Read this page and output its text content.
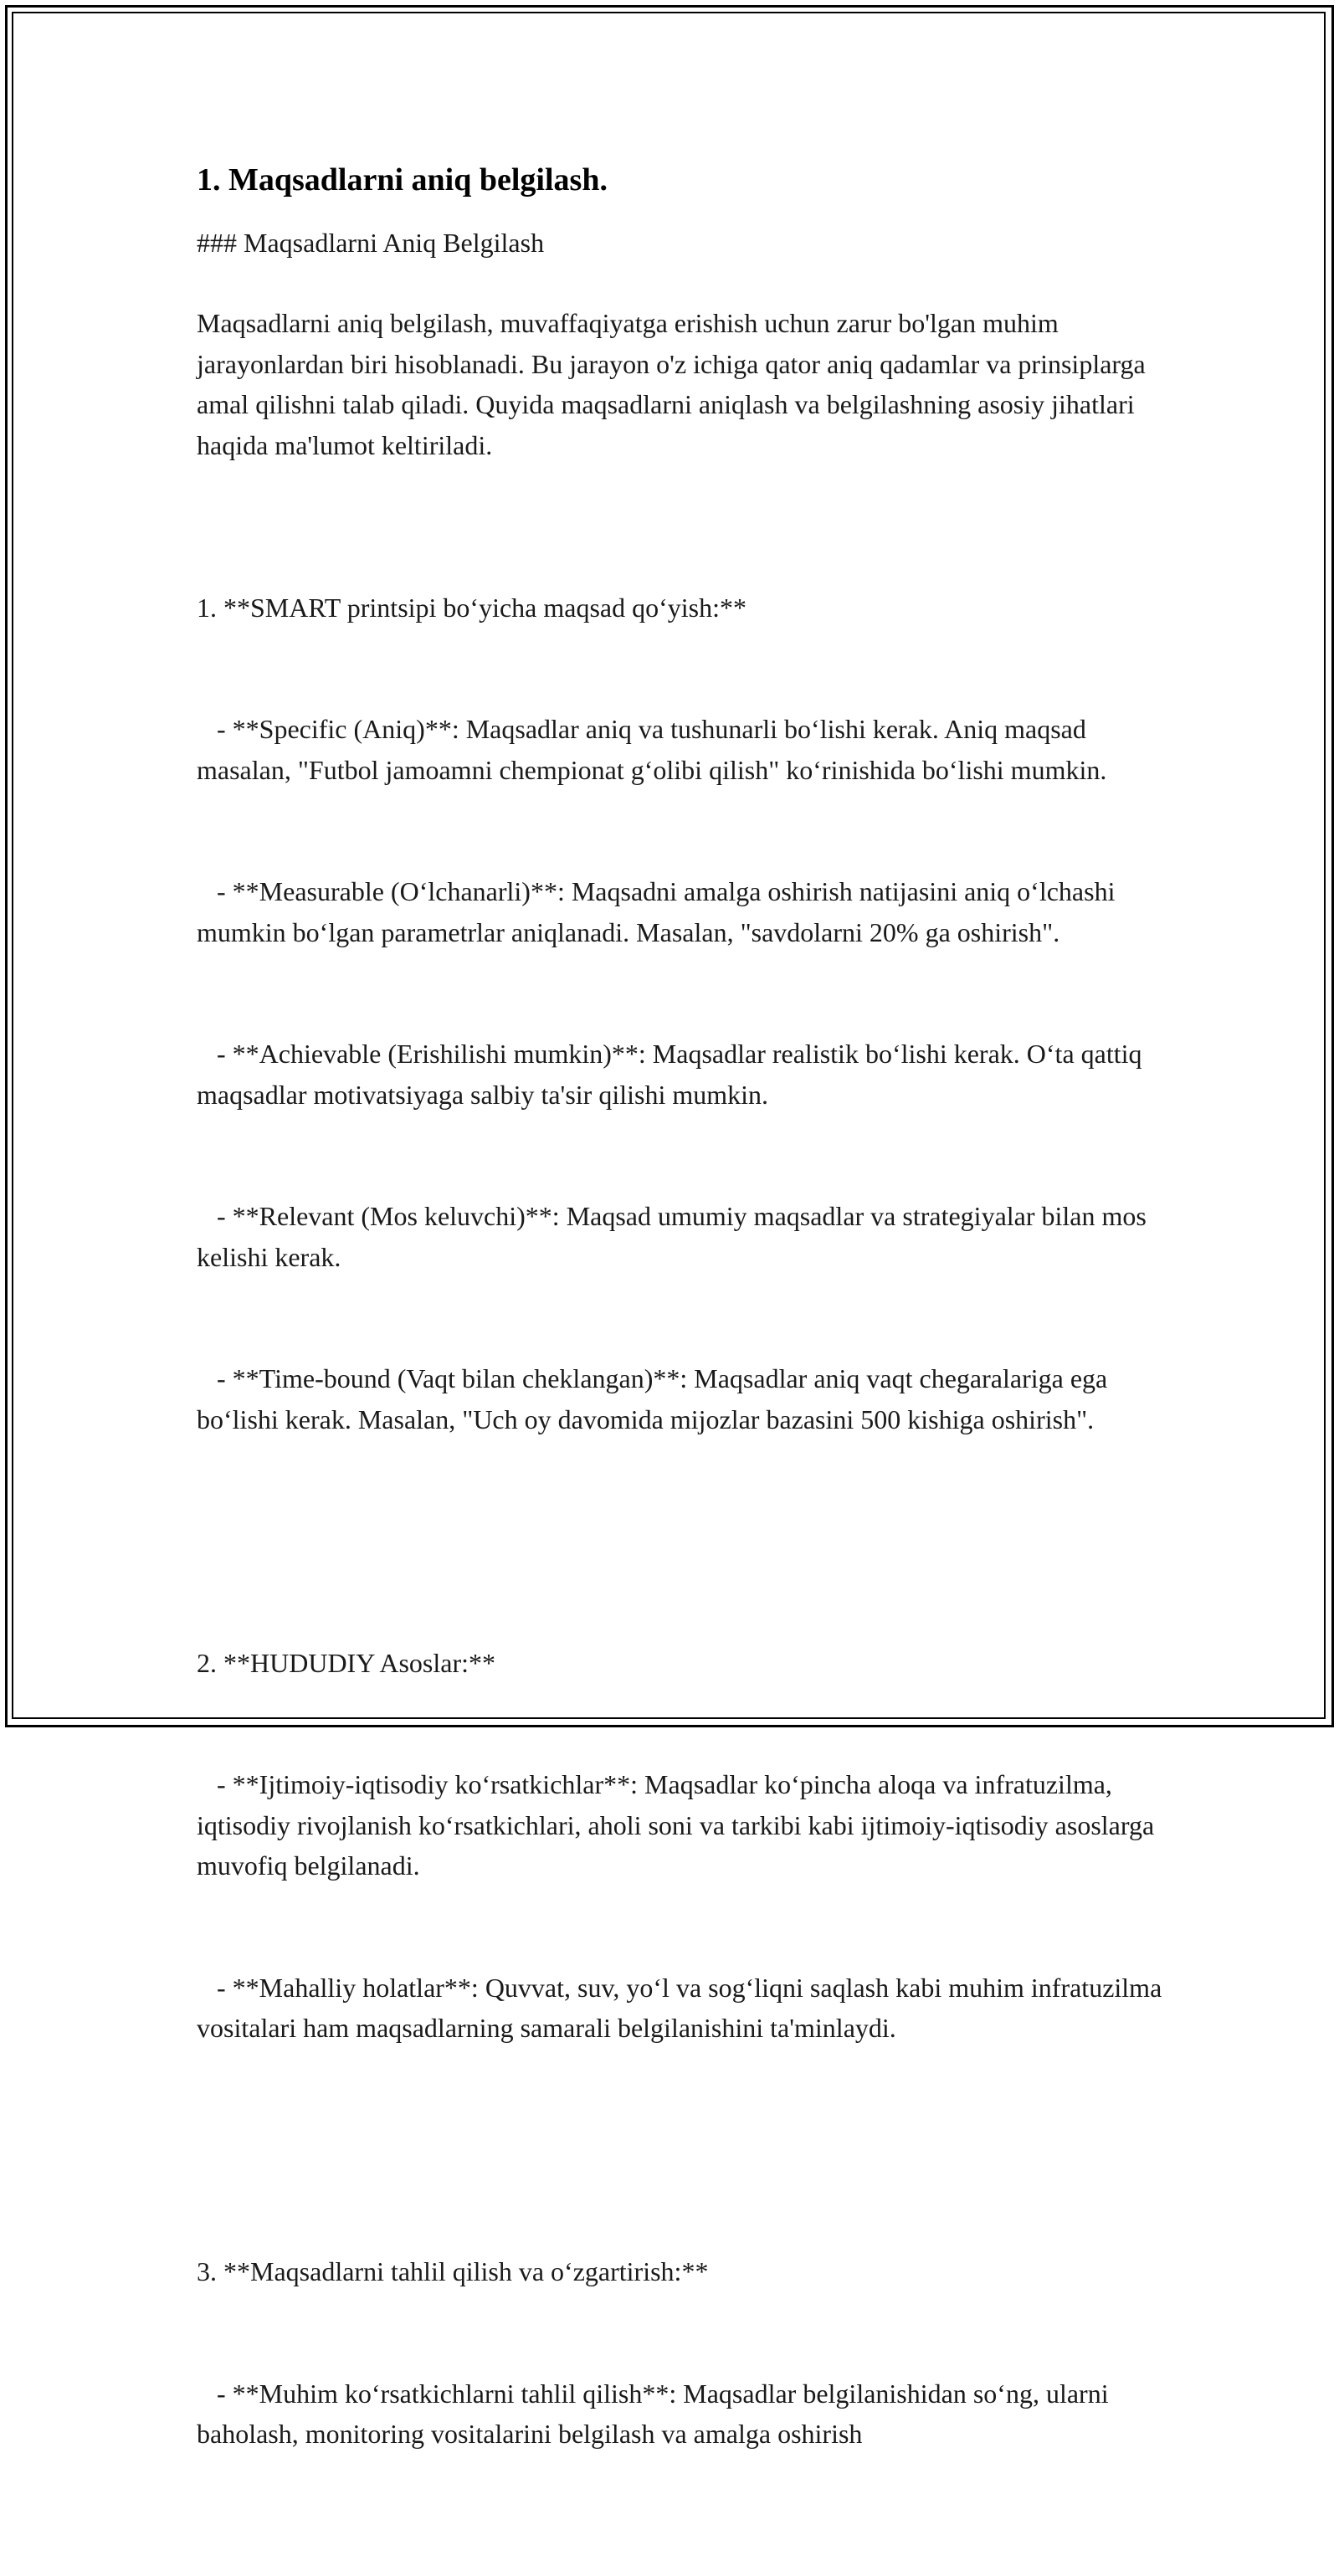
1. Maqsadlarni aniq belgilash.
### Maqsadlarni Aniq Belgilash
Maqsadlarni aniq belgilash, muvaffaqiyatga erishish uchun zarur bo'lgan muhim jarayonlardan biri hisoblanadi. Bu jarayon o'z ichiga qator aniq qadamlar va prinsiplarga amal qilishni talab qiladi. Quyida maqsadlarni aniqlash va belgilashning asosiy jihatlari haqida ma'lumot keltiriladi.

1. **SMART printsipi bo‘yicha maqsad qo‘yish:**

- **Specific (Aniq)**: Maqsadlar aniq va tushunarli bo‘lishi kerak. Aniq maqsad masalan, "Futbol jamoamni chempionat g‘olibi qilish" ko‘rinishida bo‘lishi mumkin.

- **Measurable (O‘lchanarli)**: Maqsadni amalga oshirish natijasini aniq o‘lchashi mumkin bo‘lgan parametrlar aniqlanadi. Masalan, "savdolarni 20% ga oshirish".

- **Achievable (Erishilishi mumkin)**: Maqsadlar realistik bo‘lishi kerak. O‘ta qattiq maqsadlar motivatsiyaga salbiy ta'sir qilishi mumkin.

- **Relevant (Mos keluvchi)**: Maqsad umumiy maqsadlar va strategiyalar bilan mos kelishi kerak.

- **Time-bound (Vaqt bilan cheklangan)**: Maqsadlar aniq vaqt chegaralariga ega bo‘lishi kerak. Masalan, "Uch oy davomida mijozlar bazasini 500 kishiga oshirish".

2. **HUDUDIY Asoslar:**

- **Ijtimoiy-iqtisodiy ko‘rsatkichlar**: Maqsadlar ko‘pincha aloqa va infratuzilma, iqtisodiy rivojlanish ko‘rsatkichlari, aholi soni va tarkibi kabi ijtimoiy-iqtisodiy asoslarga muvofiq belgilanadi.

- **Mahalliy holatlar**: Quvvat, suv, yo‘l va sog‘liqni saqlash kabi muhim infratuzilma vositalari ham maqsadlarning samarali belgilanishini ta'minlaydi.

3. **Maqsadlarni tahlil qilish va o‘zgartirish:**

- **Muhim ko‘rsatkichlarni tahlil qilish**: Maqsadlar belgilanishidan so‘ng, ularni baholash, monitoring vositalarini belgilash va amalga oshirish
